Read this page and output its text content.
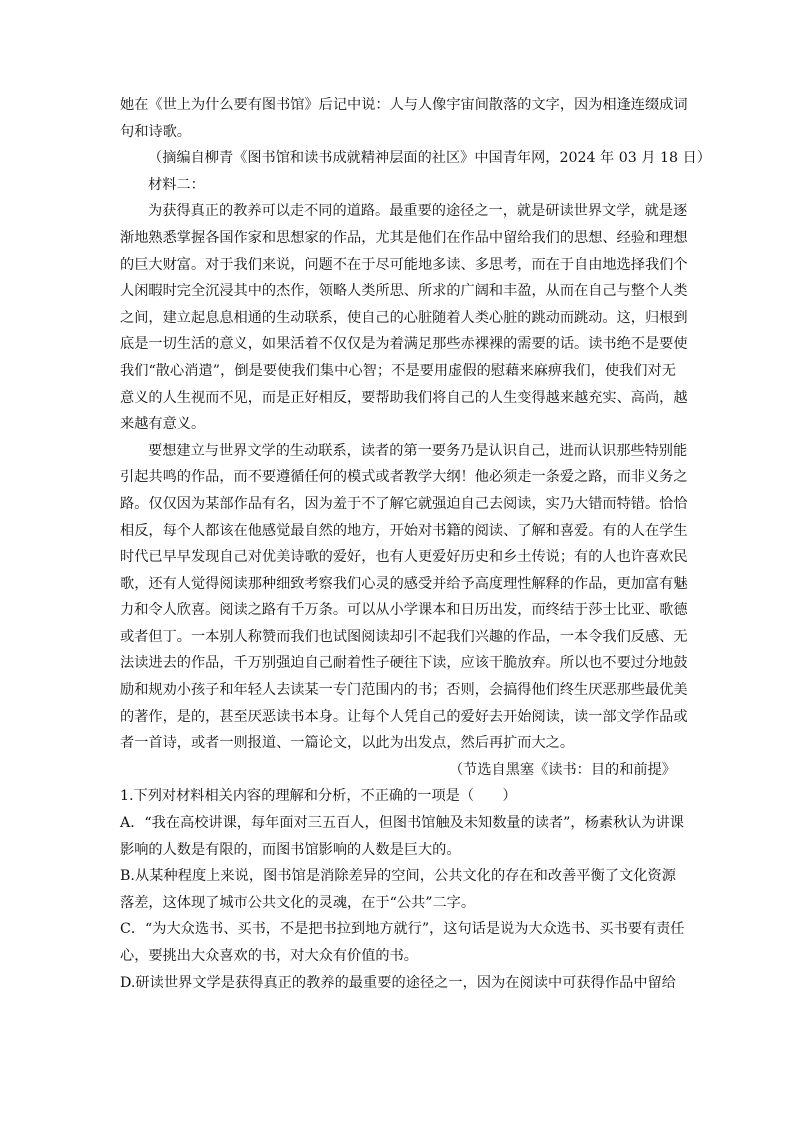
她在《世上为什么要有图书馆》后记中说：人与人像宇宙间散落的文字，因为相逢连缀成词
句和诗歌。
（摘编自柳青《图书馆和读书成就精神层面的社区》中国青年网，2024 年 03 月 18 日）
材料二：
为获得真正的教养可以走不同的道路。最重要的途径之一，就是研读世界文学，就是逐
渐地熟悉掌握各国作家和思想家的作品，尤其是他们在作品中留给我们的思想、经验和理想
的巨大财富。对于我们来说，问题不在于尽可能地多读、多思考，而在于自由地选择我们个
人闲暇时完全沉浸其中的杰作，领略人类所思、所求的广阔和丰盈，从而在自己与整个人类
之间，建立起息息相通的生动联系，使自己的心脏随着人类心脏的跳动而跳动。这，归根到
底是一切生活的意义，如果活着不仅仅是为着满足那些赤裸裸的需要的话。读书绝不是要使
我们“散心消遣”，倒是要使我们集中心智；不是要用虚假的慰藉来麻痹我们，使我们对无
意义的人生视而不见，而是正好相反，要帮助我们将自己的人生变得越来越充实、高尚，越
来越有意义。
要想建立与世界文学的生动联系，读者的第一要务乃是认识自己，进而认识那些特别能
引起共鸣的作品，而不要遵循任何的模式或者教学大纲！他必须走一条爱之路，而非义务之
路。仅仅因为某部作品有名，因为羞于不了解它就强迫自己去阅读，实乃大错而特错。恰恰
相反，每个人都该在他感觉最自然的地方，开始对书籍的阅读、了解和喜爱。有的人在学生
时代已早早发现自己对优美诗歌的爱好，也有人更爱好历史和乡土传说；有的人也许喜欢民
歌，还有人觉得阅读那种细致考察我们心灵的感受并给予高度理性解释的作品，更加富有魅
力和令人欣喜。阅读之路有千万条。可以从小学课本和日历出发，而终结于莎士比亚、歌德
或者但丁。一本别人称赞而我们也试图阅读却引不起我们兴趣的作品，一本令我们反感、无
法读进去的作品，千万别强迫自己耐着性子硬往下读，应该干脆放弃。所以也不要过分地鼓
励和规劝小孩子和年轻人去读某一专门范围内的书；否则，会搞得他们终生厌恶那些最优美
的著作，是的，甚至厌恶读书本身。让每个人凭自己的爱好去开始阅读，读一部文学作品或
者一首诗，或者一则报道、一篇论文，以此为出发点，然后再扩而大之。
（节选自黑塞《读书：目的和前提》
1.下列对材料相关内容的理解和分析，不正确的一项是（　　）
A．“我在高校讲课，每年面对三五百人，但图书馆触及未知数量的读者”，杨素秋认为讲课
影响的人数是有限的，而图书馆影响的人数是巨大的。
B.从某种程度上来说，图书馆是消除差异的空间，公共文化的存在和改善平衡了文化资源
落差，这体现了城市公共文化的灵魂，在于“公共”二字。
C．“为大众选书、买书，不是把书拉到地方就行”，这句话是说为大众选书、买书要有责任
心，要挑出大众喜欢的书，对大众有价值的书。
D.研读世界文学是获得真正的教养的最重要的途径之一，因为在阅读中可获得作品中留给
